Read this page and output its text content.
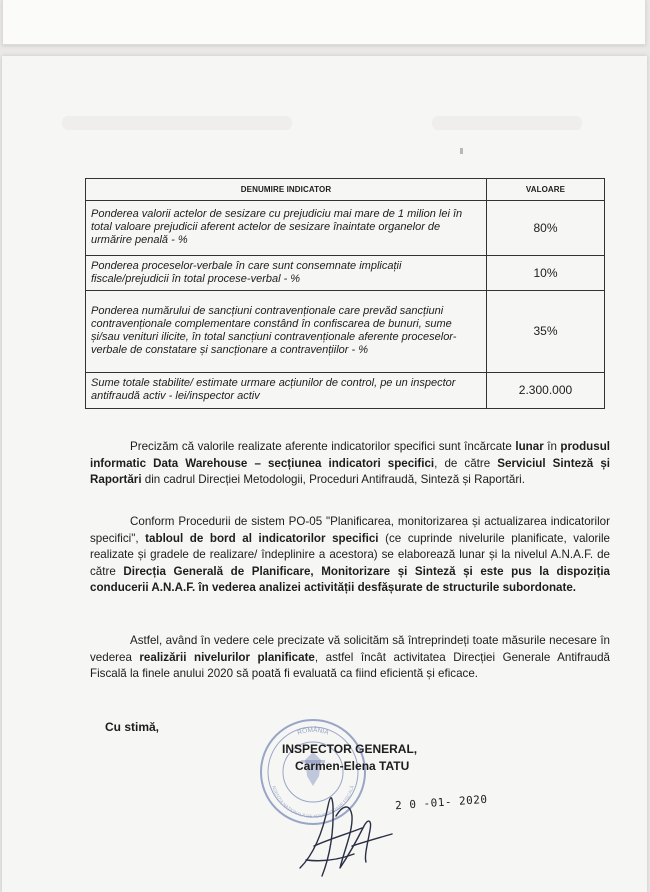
DENUMIRE INDICATOR	VALOARE
Ponderea valorii actelor de sesizare cu prejudiciu mai mare de 1 milion lei în total valoare prejudicii aferent actelor de sesizare înaintate organelor de urmărire penală - %	80%
Ponderea proceselor-verbale în care sunt consemnate implicații fiscale/prejudicii în total procese-verbal - %	10%
Ponderea numărului de sancțiuni contravenționale care prevăd sancțiuni contravenționale complementare constând în confiscarea de bunuri, sume și/sau venituri ilicite, în total sancțiuni contravenționale aferente proceselor-verbale de constatare și sancționare a contravențiilor - %	35%
Sume totale stabilite/ estimate urmare acțiunilor de control, pe un inspector antifraudă activ - lei/inspector activ	2.300.000

Precizăm că valorile realizate aferente indicatorilor specifici sunt încărcate lunar în produsul informatic Data Warehouse – secțiunea indicatori specifici, de către Serviciul Sinteză și Raportări din cadrul Direcției Metodologii, Proceduri Antifraudă, Sinteză și Raportări.

Conform Procedurii de sistem PO-05 "Planificarea, monitorizarea și actualizarea indicatorilor specifici", tabloul de bord al indicatorilor specifici (ce cuprinde nivelurile planificate, valorile realizate și gradele de realizare/ îndeplinire a acestora) se elaborează lunar și la nivelul A.N.A.F. de către Direcția Generală de Planificare, Monitorizare și Sinteză și este pus la dispoziția conducerii A.N.A.F. în vederea analizei activității desfășurate de structurile subordonate.

Astfel, având în vedere cele precizate vă solicităm să întreprindeți toate măsurile necesare în vederea realizării nivelurilor planificate, astfel încât activitatea Direcției Generale Antifraudă Fiscală la finele anului 2020 să poată fi evaluată ca fiind eficientă și eficace.

Cu stimă,	ROMÂNIA
AGENȚIA NAȚIONALĂ DE ADMINISTRARE FISCALĂ
INSPECTOR GENERAL,
Carmen-Elena TATU
2 0 -01- 2020
